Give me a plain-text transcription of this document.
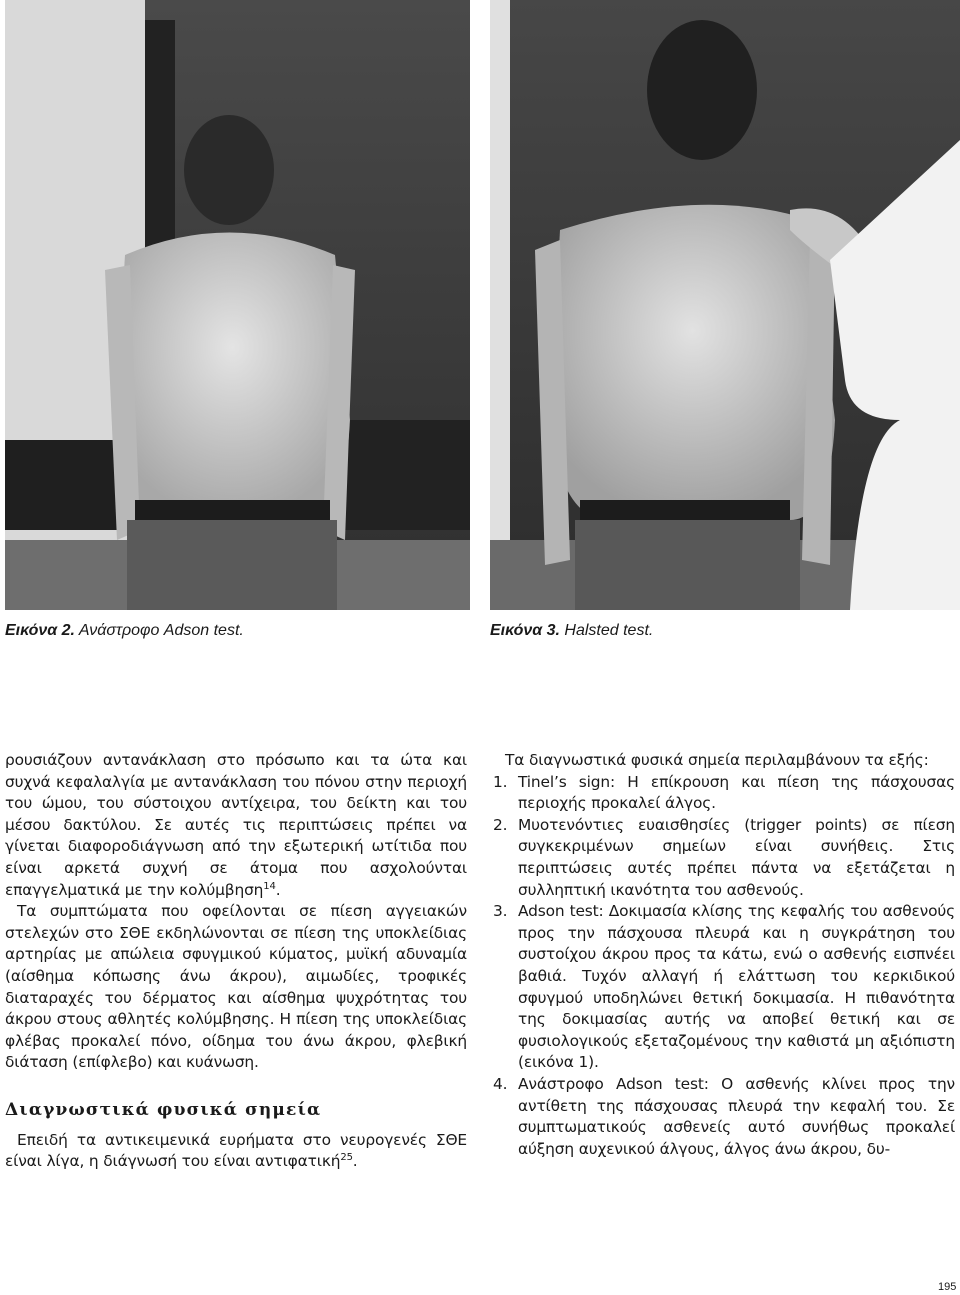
Εικόνα 2. Ανάστροφο Adson test.	Εικόνα 3. Halsted test.

ρουσιάζουν αντανάκλαση στο πρόσωπο και τα ώτα και συχνά κεφαλαλγία με αντανάκλαση του πόνου στην περιοχή του ώμου, του σύστοιχου αντίχειρα, του δείκτη και του μέσου δακτύλου. Σε αυτές τις περιπτώσεις πρέπει να γίνεται διαφοροδιάγνωση από την εξωτερική ωτίτιδα που είναι αρκετά συχνή σε άτομα που ασχολούνται επαγγελματικά με την κολύμβηση$^{14}$.

Τα συμπτώματα που οφείλονται σε πίεση αγγειακών στελεχών στο ΣΘΕ εκδηλώνονται σε πίεση της υποκλείδιας αρτηρίας με απώλεια σφυγμικού κύματος, μυϊκή αδυναμία (αίσθημα κόπωσης άνω άκρου), αιμωδίες, τροφικές διαταραχές του δέρματος και αίσθημα ψυχρότητας του άκρου στους αθλητές κολύμβησης. Η πίεση της υποκλείδιας φλέβας προκαλεί πόνο, οίδημα του άνω άκρου, φλεβική διάταση (επίφλεβο) και κυάνωση.

Διαγνωστικά φυσικά σημεία

Επειδή τα αντικειμενικά ευρήματα στο νευρογενές ΣΘΕ είναι λίγα, η διάγνωσή του είναι αντιφατική$^{25}$.

Τα διαγνωστικά φυσικά σημεία περιλαμβάνουν τα εξής:

1. Tinel’s sign: Η επίκρουση και πίεση της πάσχουσας περιοχής προκαλεί άλγος.
2. Μυοτενόντιες ευαισθησίες (trigger points) σε πίεση συγκεκριμένων σημείων είναι συνήθεις. Στις περιπτώσεις αυτές πρέπει πάντα να εξετάζεται η συλληπτική ικανότητα του ασθενούς.
3. Adson test: Δοκιμασία κλίσης της κεφαλής του ασθενούς προς την πάσχουσα πλευρά και η συγκράτηση του συστοίχου άκρου προς τα κάτω, ενώ ο ασθενής εισπνέει βαθιά. Τυχόν αλλαγή ή ελάττωση του κερκιδικού σφυγμού υποδηλώνει θετική δοκιμασία. Η πιθανότητα της δοκιμασίας αυτής να αποβεί θετική και σε φυσιολογικούς εξεταζομένους την καθιστά μη αξιόπιστη (εικόνα 1).
4. Ανάστροφο Adson test: Ο ασθενής κλίνει προς την αντίθετη της πάσχουσας πλευρά την κεφαλή του. Σε συμπτωματικούς ασθενείς αυτό συνήθως προκαλεί αύξηση αυχενικού άλγους, άλγος άνω άκρου, δυ-
195
